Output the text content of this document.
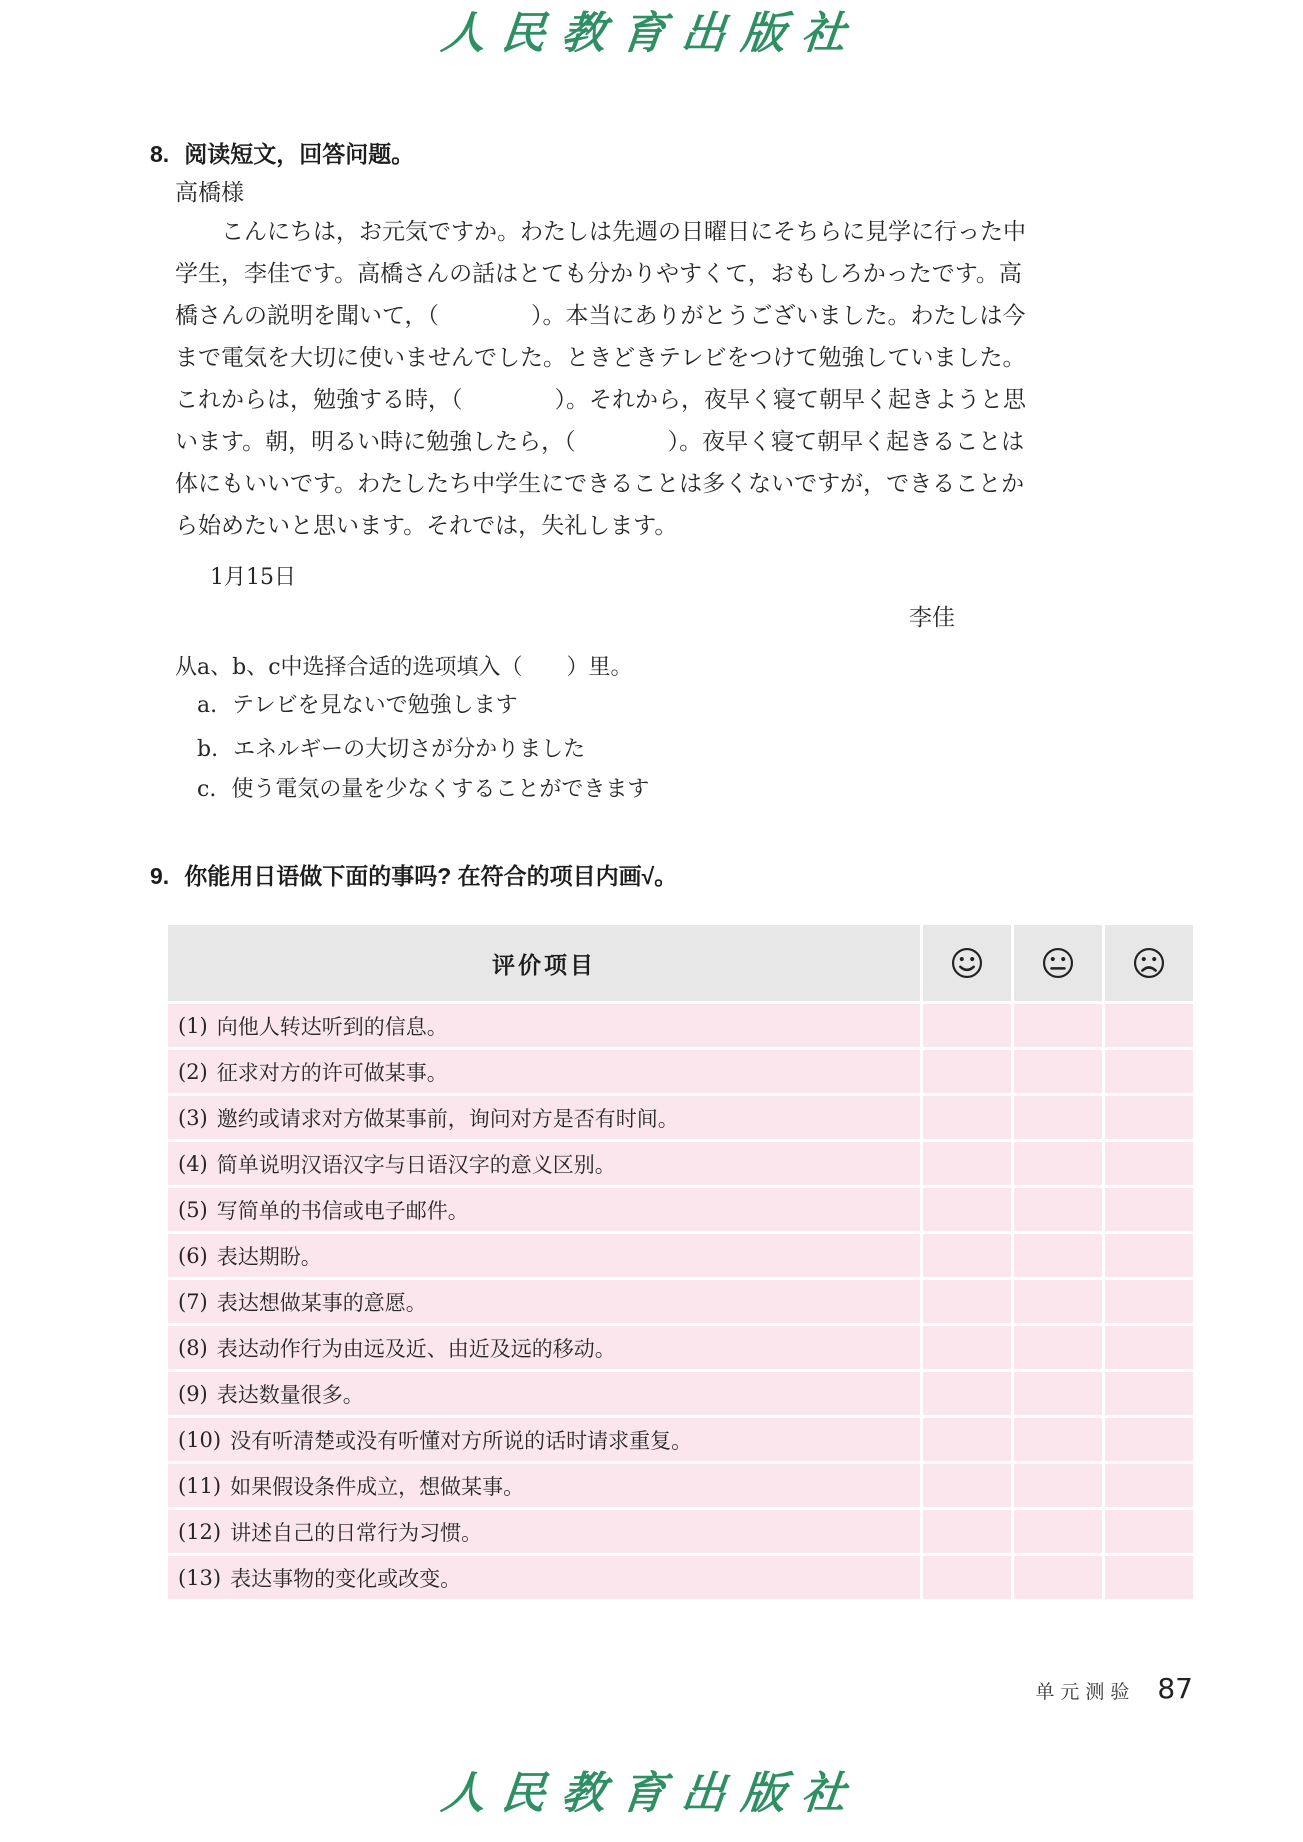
人民教育出版社
8. 阅读短文，回答问题。
高橋様
こんにちは，お元気ですか。わたしは先週の日曜日にそちらに見学に行った中
学生，李佳です。高橋さんの話はとても分かりやすくて，おもしろかったです。高
橋さんの説明を聞いて，（　　　　）。本当にありがとうございました。わたしは今
まで電気を大切に使いませんでした。ときどきテレビをつけて勉強していました。
これからは，勉強する時，（　　　　）。それから，夜早く寝て朝早く起きようと思
います。朝，明るい時に勉強したら，（　　　　）。夜早く寝て朝早く起きることは
体にもいいです。わたしたち中学生にできることは多くないですが，できることか
ら始めたいと思います。それでは，失礼します。
1月15日
李佳
从a、b、c中选择合适的选项填入（　　）里。
a. テレビを見ないで勉強します
b. エネルギーの大切さが分かりました
c. 使う電気の量を少なくすることができます
9. 你能用日语做下面的事吗? 在符合的项目内画√。
评价项目
(1) 向他人转达听到的信息。
(2) 征求对方的许可做某事。
(3) 邀约或请求对方做某事前，询问对方是否有时间。
(4) 简单说明汉语汉字与日语汉字的意义区别。
(5) 写简单的书信或电子邮件。
(6) 表达期盼。
(7) 表达想做某事的意愿。
(8) 表达动作行为由远及近、由近及远的移动。
(9) 表达数量很多。
(10) 没有听清楚或没有听懂对方所说的话时请求重复。
(11) 如果假设条件成立，想做某事。
(12) 讲述自己的日常行为习惯。
(13) 表达事物的变化或改变。
单元测验 87
人民教育出版社
